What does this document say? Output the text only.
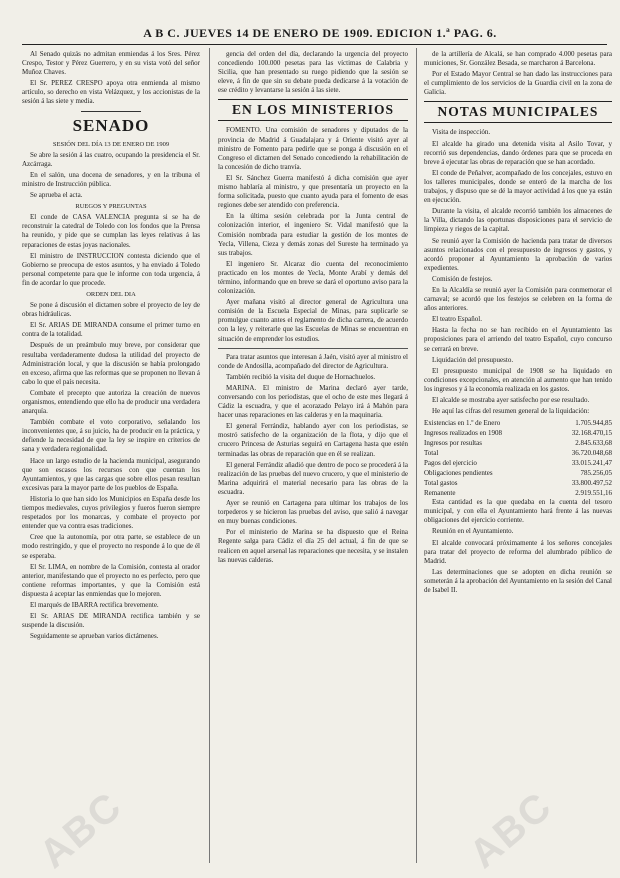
A B C. JUEVES 14 DE ENERO DE 1909. EDICION 1.ª PAG. 6.

Al Senado quizás no admitan enmiendas á los Sres. Pérez Crespo, Testor y Pérez Guerrero, y en su vista votó del señor Muñoz Chaves.

El Sr. PEREZ CRESPO apoya otra enmienda al mismo artículo, so derecho en vista Velázquez, y los accionistas de la sesión á las siete y media.

SENADO

SESIÓN DEL DÍA 13 DE ENERO DE 1909

Se abre la sesión á las cuatro, ocupando la presidencia el Sr. Azcárraga.

En el salón, una docena de senadores, y en la tribuna el ministro de Instrucción pública.

Se aprueba el acta.

RUEGOS Y PREGUNTAS

El conde de CASA VALENCIA pregunta si se ha de reconstruir la catedral de Toledo con los fondos que la Prensa ha reunido, y pide que se cumplan las leyes relativas á las reparaciones de estas joyas nacionales.

El ministro de INSTRUCCION contesta diciendo que el Gobierno se preocupa de estos asuntos, y ha enviado á Toledo personal competente para que le informe con toda urgencia, á fin de acordar lo que procede.

ORDEN DEL DIA

Se pone á discusión el dictamen sobre el proyecto de ley de obras hidráulicas.

El Sr. ARIAS DE MIRANDA consume el primer turno en contra de la totalidad.

Después de un preámbulo muy breve, por considerar que resultaba verdaderamente dudosa la utilidad del proyecto de Administración local, y que la discusión se había prolongado en exceso, afirma que las reformas que se proponen no llevan á cabo lo que el país necesita.

Combate el precepto que autoriza la creación de nuevos organismos, entendiendo que ello ha de producir una verdadera anarquía.

También combate el voto corporativo, señalando los inconvenientes que, á su juicio, ha de producir en la práctica, y defiende la necesidad de que la ley se inspire en criterios de sana y verdadera regionalidad.

Hace un largo estudio de la hacienda municipal, asegurando que son escasos los recursos con que cuentan los Ayuntamientos, y que las cargas que sobre ellos pesan resultan excesivas para la mayor parte de los pueblos de España.

Historia lo que han sido los Municipios en España desde los tiempos medievales, cuyos privilegios y fueros fueron siempre respetados por los monarcas, y combate el proyecto por entender que va contra esas tradiciones.

Cree que la autonomía, por otra parte, se establece de un modo restringido, y que el proyecto no responde á lo que de él se esperaba.

El Sr. LIMA, en nombre de la Comisión, contesta al orador anterior, manifestando que el proyecto no es perfecto, pero que contiene reformas importantes, y que la Comisión está dispuesta á aceptar las enmiendas que lo mejoren.

El marqués de IBARRA rectifica brevemente.

El Sr. ARIAS DE MIRANDA rectifica también y se suspende la discusión.

Seguidamente se aprueban varios dictámenes.

gencia del orden del día, declarando la urgencia del proyecto concediendo 100.000 pesetas para las víctimas de Calabria y Sicilia, que han presentado su ruego pidiendo que la sesión se eleve, á fin de que sin su debate pueda dedicarse á la votación de ese crédito y levantarse la sesión á las siete.

EN LOS MINISTERIOS

FOMENTO. Una comisión de senadores y diputados de la provincia de Madrid á Guadalajara y á Oriente visitó ayer al ministro de Fomento para pedirle que se ponga á discusión en el Congreso el dictamen del Senado concediendo la rehabilitación de la concesión de dicho tranvía.

El Sr. Sánchez Guerra manifestó á dicha comisión que ayer mismo hablaría al ministro, y que presentaría un proyecto en la forma solicitada, puesto que cuanto ayuda para el fomento de esas regiones debe ser atendido con preferencia.

En la última sesión celebrada por la Junta central de colonización interior, el ingeniero Sr. Vidal manifestó que la Comisión nombrada para estudiar la gestión de los montes de Yecla, Villena, Cieza y demás zonas del Sureste ha terminado ya sus trabajos.

El ingeniero Sr. Alcaraz dio cuenta del reconocimiento practicado en los montes de Yecla, Monte Arabí y demás del término, informando que en breve se dará el oportuno aviso para la colonización.

Ayer mañana visitó al director general de Agricultura una comisión de la Escuela Especial de Minas, para suplicarle se promulgue cuanto antes el reglamento de dicha carrera, de acuerdo con la ley, y reiterarle que las Escuelas de Minas se encuentran en situación de emprender los estudios.

Para tratar asuntos que interesan á Jaén, visitó ayer al ministro el conde de Andosilla, acompañado del director de Agricultura.

También recibió la visita del duque de Hornachuelos.

MARINA. El ministro de Marina declaró ayer tarde, conversando con los periodistas, que el ocho de este mes llegará á Cádiz la escuadra, y que el acorazado Pelayo irá á Mahón para hacer unas reparaciones en las calderas y en la maquinaria.

El general Ferrándiz, hablando ayer con los periodistas, se mostró satisfecho de la organización de la flota, y dijo que el crucero Princesa de Asturias seguirá en Cartagena hasta que estén terminadas las obras de reparación que en él se realizan.

El general Ferrándiz añadió que dentro de poco se procederá á la realización de las pruebas del nuevo crucero, y que el ministerio de Marina adquirirá el material necesario para las obras de la escuadra.

Ayer se reunió en Cartagena para ultimar los trabajos de los torpederos y se hicieron las pruebas del aviso, que salió á navegar en muy buenas condiciones.

Por el ministerio de Marina se ha dispuesto que el Reina Regente salga para Cádiz el día 25 del actual, á fin de que se realicen en aquel arsenal las reparaciones que necesita, y se instalen las nuevas calderas.

de la artillería de Alcalá, se han comprado 4.000 pesetas para municiones, Sr. González Besada, se marcharon á Barcelona.

Por el Estado Mayor Central se han dado las instrucciones para el cumplimiento de los servicios de la Guardia civil en la zona de Galicia.

NOTAS MUNICIPALES

Visita de inspección.

El alcalde ha girado una detenida visita al Asilo Tovar, y recorrió sus dependencias, dando órdenes para que se proceda en breve á ejecutar las obras de reparación que se han acordado.

El conde de Peñalver, acompañado de los concejales, estuvo en los talleres municipales, donde se enteró de la marcha de los trabajos, y dispuso que se dé la mayor actividad á los que ya están en ejecución.

Durante la visita, el alcalde recorrió también los almacenes de la Villa, dictando las oportunas disposiciones para el servicio de limpieza y riegos de la capital.

Se reunió ayer la Comisión de hacienda para tratar de diversos asuntos relacionados con el presupuesto de ingresos y gastos, y acordó proponer al Ayuntamiento la aprobación de varios expedientes.

Comisión de festejos.

En la Alcaldía se reunió ayer la Comisión para conmemorar el carnaval; se acordó que los festejos se celebren en la forma de años anteriores.

El teatro Español.

Hasta la fecha no se han recibido en el Ayuntamiento las proposiciones para el arriendo del teatro Español, cuyo concurso se cerrará en breve.

Liquidación del presupuesto.

El presupuesto municipal de 1908 se ha liquidado en condiciones excepcionales, en atención al aumento que han tenido los ingresos y á la economía realizada en los gastos.

El alcalde se mostraba ayer satisfecho por ese resultado.

He aquí las cifras del resumen general de la liquidación:

Existencias en 1.º de Enero	1.705.944,85
Ingresos realizados en 1908	32.168.470,15
Ingresos por resultas	2.845.633,68
Total	36.720.048,68
Pagos del ejercicio	33.015.241,47
Obligaciones pendientes	785.256,05
Total gastos	33.800.497,52
Remanente	2.919.551,16

Esta cantidad es la que quedaba en la cuenta del tesoro municipal, y con ella el Ayuntamiento hará frente á las nuevas obligaciones del ejercicio corriente.

Reunión en el Ayuntamiento.

El alcalde convocará próximamente á los señores concejales para tratar del proyecto de reforma del alumbrado público de Madrid.

Las determinaciones que se adopten en dicha reunión se someterán á la aprobación del Ayuntamiento en la sesión del Canal de Isabel II.

ABC	ABC
